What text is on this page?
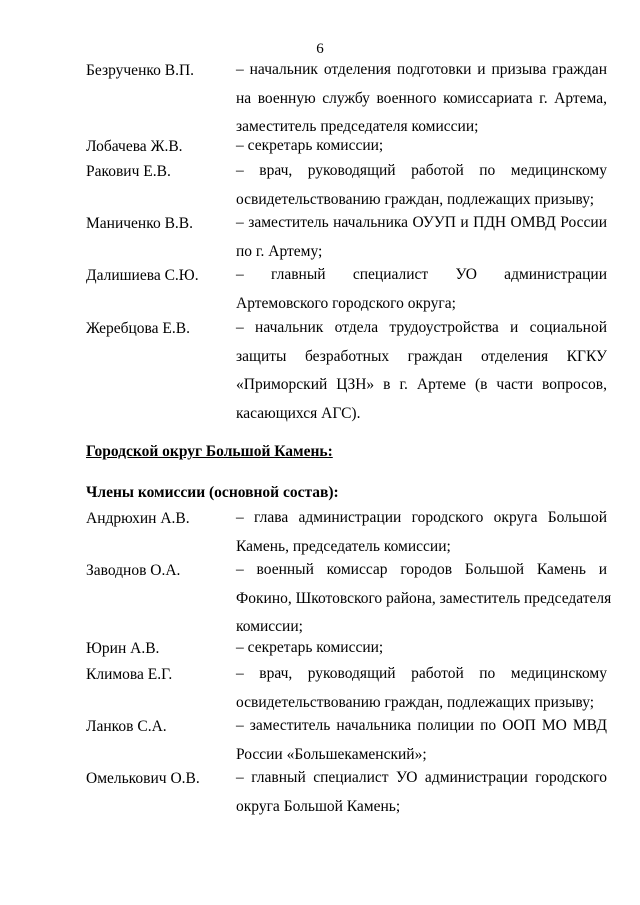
6
Безрученко В.П.	– начальник отделения подготовки и призыва граждан
на военную службу военного комиссариата г. Артема,
заместитель председателя комиссии;
Лобачева Ж.В.	– секретарь комиссии;
Ракович Е.В.	– врач, руководящий работой по медицинскому
освидетельствованию граждан, подлежащих призыву;
Маниченко В.В.	– заместитель начальника ОУУП и ПДН ОМВД России
по г. Артему;
Далишиева С.Ю. – главный специалист УО администрации
Артемовского городского округа;
Жеребцова Е.В.	– начальник отдела трудоустройства и социальной
защиты безработных граждан отделения КГКУ
«Приморский ЦЗН» в г. Артеме (в части вопросов,
касающихся АГС).
Городской округ Большой Камень:
Члены комиссии (основной состав):
Андрюхин А.В.	– глава администрации городского округа Большой
Камень, председатель комиссии;
Заводнов О.А.	– военный комиссар городов Большой Камень и
Фокино, Шкотовского района, заместитель председателя
комиссии;
Юрин А.В.	– секретарь комиссии;
Климова Е.Г.	– врач, руководящий работой по медицинскому
освидетельствованию граждан, подлежащих призыву;
Ланков С.А.	– заместитель начальника полиции по ООП МО МВД
России «Большекаменский»;
Омелькович О.В. – главный специалист УО администрации городского
округа Большой Камень;
